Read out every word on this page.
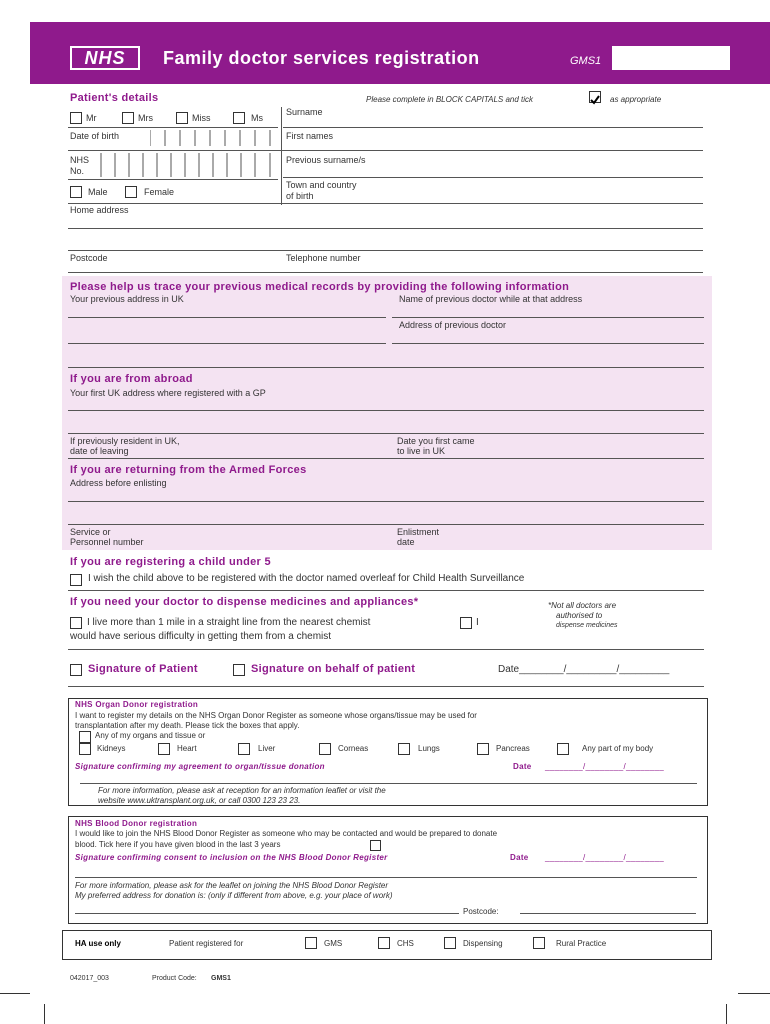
NHS	Family doctor services registration	GMS1
Patient's details	Please complete in BLOCK CAPITALS and tick	as appropriate
Mr	Mrs	Miss	Ms
Surname
Date of birth	First names
NHS
No.
Previous surname/s
Male	Female
Town and country
of birth
Home address
Postcode	Telephone number
Please help us trace your previous medical records by providing the following information
Your previous address in UK	Name of previous doctor while at that address
Address of previous doctor
If you are from abroad
Your first UK address where registered with a GP
If previously resident in UK,
date of leaving
Date you first came
to live in UK
If you are returning from the Armed Forces
Address before enlisting
Service or
Personnel number
Enlistment
date
If you are registering a child under 5
I wish the child above to be registered with the doctor named overleaf for Child Health Surveillance
If you need your doctor to dispense medicines and appliances*	*Not all doctors are
authorised to
dispense medicines
I live more than 1 mile in a straight line from the nearest chemist	I
would have serious difficulty in getting them from a chemist
Signature of Patient	Signature on behalf of patient	Date________/_________/_________
NHS Organ Donor registration
I want to register my details on the NHS Organ Donor Register as someone whose organs/tissue may be used for
transplantation after my death. Please tick the boxes that apply.
Any of my organs and tissue or
Kidneys	Heart	Liver	Corneas	Lungs	Pancreas	Any part of my body
Signature confirming my agreement to organ/tissue donation	Date ________/________/________
For more information, please ask at reception for an information leaflet or visit the
website www.uktransplant.org.uk, or call 0300 123 23 23.
NHS Blood Donor registration
I would like to join the NHS Blood Donor Register as someone who may be contacted and would be prepared to donate
blood. Tick here if you have given blood in the last 3 years
Signature confirming consent to inclusion on the NHS Blood Donor Register	Date ________/________/________
For more information, please ask for the leaflet on joining the NHS Blood Donor Register
My preferred address for donation is: (only if different from above, e.g. your place of work)
Postcode:
HA use only	Patient registered for	GMS	CHS	Dispensing	Rural Practice
042017_003	Product Code: GMS1
